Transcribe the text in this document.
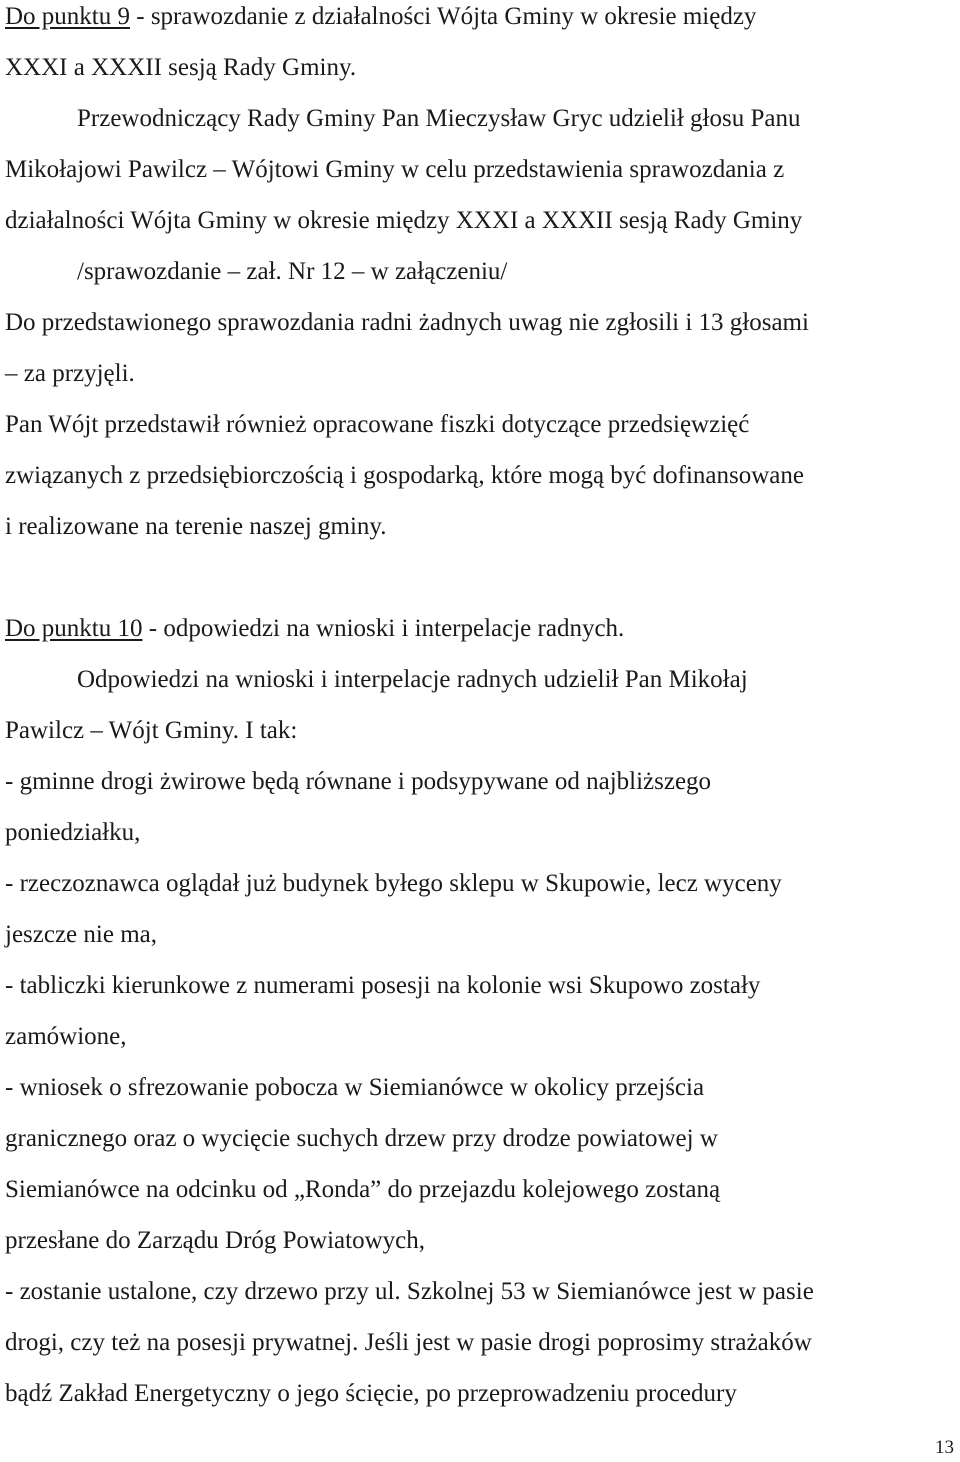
Do punktu 9 - sprawozdanie z działalności Wójta Gminy w okresie między
XXXI a XXXII sesją Rady Gminy.
Przewodniczący Rady Gminy Pan Mieczysław Gryc udzielił głosu Panu
Mikołajowi Pawilcz – Wójtowi Gminy w celu przedstawienia sprawozdania z
działalności Wójta Gminy w okresie między XXXI a XXXII sesją Rady Gminy
/sprawozdanie – zał. Nr 12 – w załączeniu/
Do przedstawionego sprawozdania radni żadnych uwag nie zgłosili i 13 głosami
– za przyjęli.
Pan Wójt przedstawił również opracowane fiszki dotyczące przedsięwzięć
związanych z przedsiębiorczością i gospodarką, które mogą być dofinansowane
i realizowane na terenie naszej gminy.
Do punktu 10 - odpowiedzi na wnioski i interpelacje radnych.
Odpowiedzi na wnioski i interpelacje radnych udzielił Pan Mikołaj
Pawilcz – Wójt Gminy. I tak:
- gminne drogi żwirowe będą równane i podsypywane od najbliższego
poniedziałku,
- rzeczoznawca oglądał już budynek byłego sklepu w Skupowie, lecz wyceny
jeszcze nie ma,
- tabliczki kierunkowe z numerami posesji na kolonie wsi Skupowo zostały
zamówione,
- wniosek o sfrezowanie pobocza w Siemianówce w okolicy przejścia
granicznego oraz o wycięcie suchych drzew przy drodze powiatowej w
Siemianówce na odcinku od „Ronda” do przejazdu kolejowego zostaną
przesłane do Zarządu Dróg Powiatowych,
- zostanie ustalone, czy drzewo przy ul. Szkolnej 53 w Siemianówce jest w pasie
drogi, czy też na posesji prywatnej. Jeśli jest w pasie drogi poprosimy strażaków
bądź Zakład Energetyczny o jego ścięcie, po przeprowadzeniu procedury
13
